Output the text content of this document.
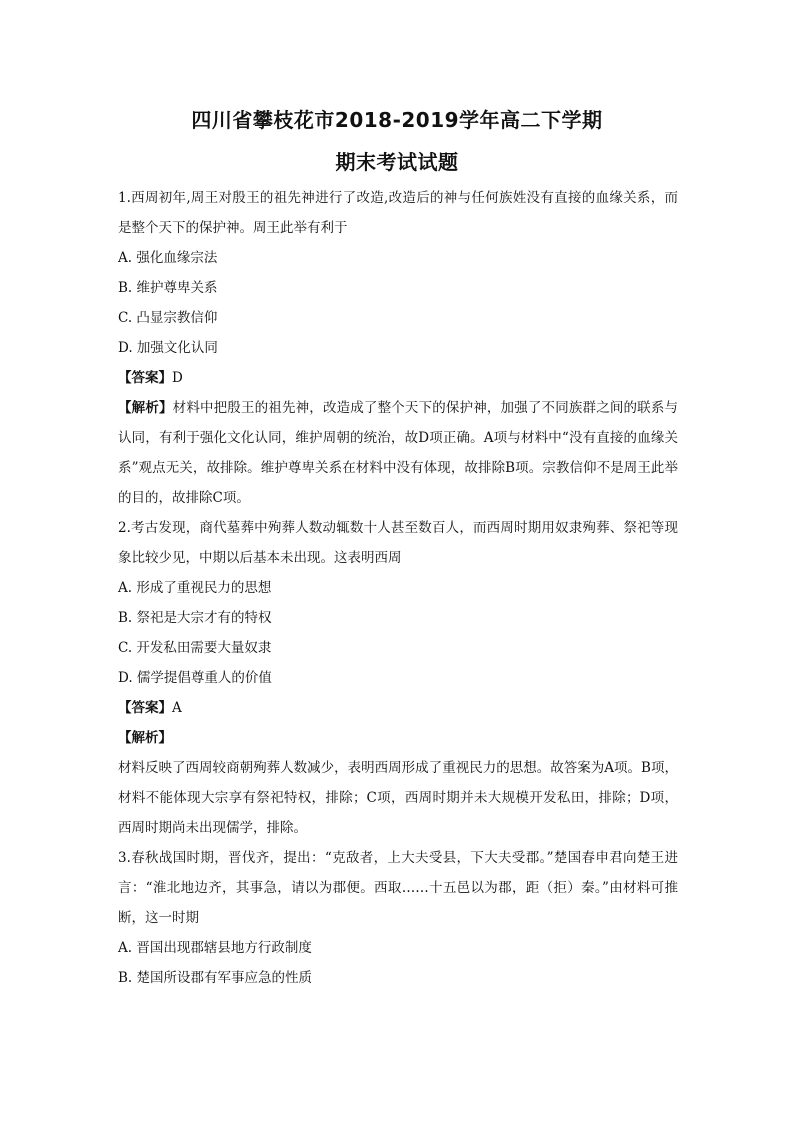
四川省攀枝花市2018-2019学年高二下学期
期末考试试题

1.西周初年,周王对殷王的祖先神进行了改造,改造后的神与任何族姓没有直接的血缘关系，而是整个天下的保护神。周王此举有利于

A. 强化血缘宗法

B. 维护尊卑关系

C. 凸显宗教信仰

D. 加强文化认同

【答案】D

【解析】材料中把殷王的祖先神，改造成了整个天下的保护神，加强了不同族群之间的联系与认同，有利于强化文化认同，维护周朝的统治，故D项正确。A项与材料中“没有直接的血缘关系”观点无关，故排除。维护尊卑关系在材料中没有体现，故排除B项。宗教信仰不是周王此举的目的，故排除C项。

2.考古发现，商代墓葬中殉葬人数动辄数十人甚至数百人，而西周时期用奴隶殉葬、祭祀等现象比较少见，中期以后基本未出现。这表明西周

A. 形成了重视民力的思想

B. 祭祀是大宗才有的特权

C. 开发私田需要大量奴隶

D. 儒学提倡尊重人的价值

【答案】A

【解析】

材料反映了西周较商朝殉葬人数减少，表明西周形成了重视民力的思想。故答案为A项。B项，材料不能体现大宗享有祭祀特权，排除；C项，西周时期并未大规模开发私田，排除；D项，西周时期尚未出现儒学，排除。

3.春秋战国时期，晋伐齐，提出：“克敌者，上大夫受县，下大夫受郡。”楚国春申君向楚王进言：“淮北地边齐，其事急，请以为郡便。西取……十五邑以为郡，距（拒）秦。”由材料可推断，这一时期

A. 晋国出现郡辖县地方行政制度

B. 楚国所设郡有军事应急的性质
